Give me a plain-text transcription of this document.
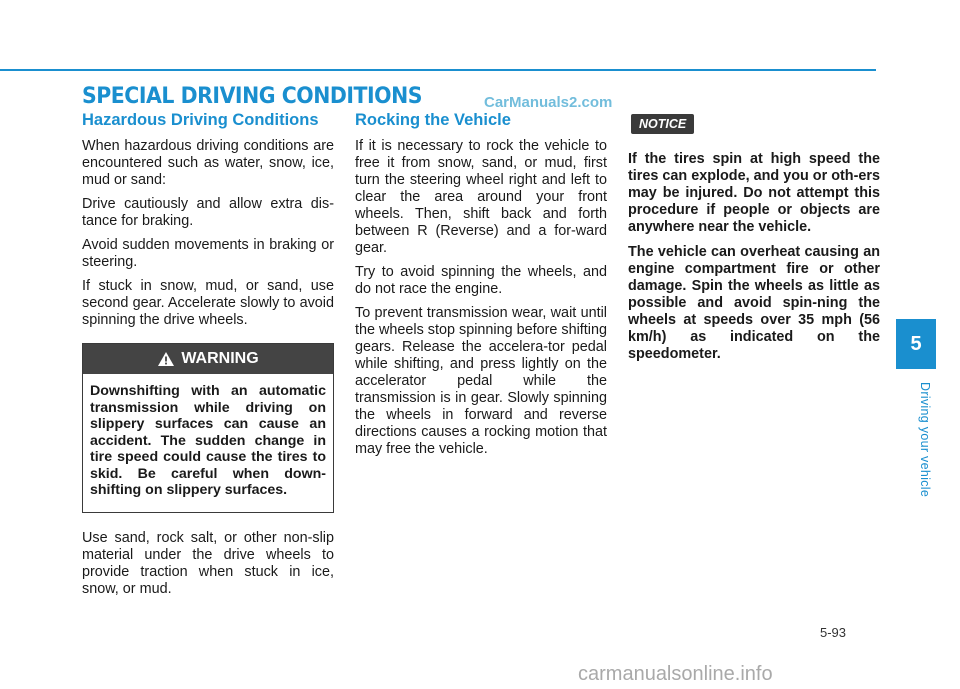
SPECIAL DRIVING CONDITIONS	CarManuals2.com
Hazardous Driving Conditions

When hazardous driving conditions are encountered such as water, snow, ice, mud or sand:

Drive cautiously and allow extra dis-tance for braking.

Avoid sudden movements in braking or steering.

If stuck in snow, mud, or sand, use second gear. Accelerate slowly to avoid spinning the drive wheels.

WARNING
Downshifting with an automatic transmission while driving on slippery surfaces can cause an accident. The sudden change in tire speed could cause the tires to skid. Be careful when down-shifting on slippery surfaces.

Use sand, rock salt, or other non-slip material under the drive wheels to provide traction when stuck in ice, snow, or mud.

Rocking the Vehicle

If it is necessary to rock the vehicle to free it from snow, sand, or mud, first turn the steering wheel right and left to clear the area around your front wheels. Then, shift back and forth between R (Reverse) and a for-ward gear.

Try to avoid spinning the wheels, and do not race the engine.

To prevent transmission wear, wait until the wheels stop spinning before shifting gears. Release the accelera-tor pedal while shifting, and press lightly on the accelerator pedal while the transmission is in gear. Slowly spinning the wheels in forward and reverse directions causes a rocking motion that may free the vehicle.

NOTICE

If the tires spin at high speed the tires can explode, and you or oth-ers may be injured. Do not attempt this procedure if people or objects are anywhere near the vehicle.

The vehicle can overheat causing an engine compartment fire or other damage. Spin the wheels as little as possible and avoid spin-ning the wheels at speeds over 35 mph (56 km/h) as indicated on the speedometer.	5
Driving your vehicle
5-93
carmanualsonline.info
